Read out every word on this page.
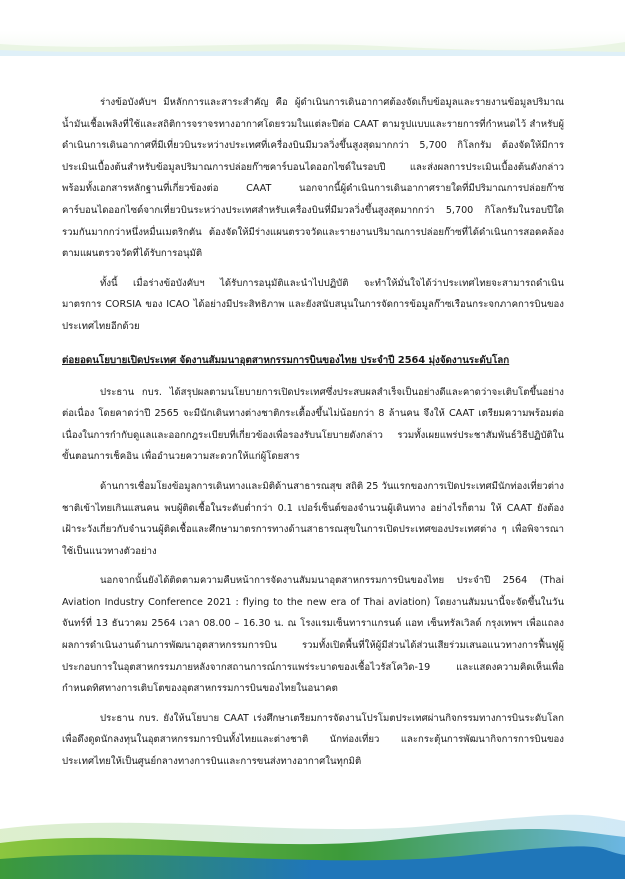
ร่างข้อบังคับฯ มีหลักการและสาระสำคัญ คือ ผู้ดำเนินการเดินอากาศต้องจัดเก็บข้อมูลและรายงานข้อมูลปริมาณน้ำมันเชื้อเพลิงที่ใช้และสถิติการจราจรทางอากาศโดยรวมในแต่ละปีต่อ CAAT ตามรูปแบบและรายการที่กำหนดไว้ สำหรับผู้ดำเนินการเดินอากาศที่มีเที่ยวบินระหว่างประเทศที่เครื่องบินมีมวลวิ่งขึ้นสูงสุดมากกว่า 5,700 กิโลกรัม ต้องจัดให้มีการประเมินเบื้องต้นสำหรับข้อมูลปริมาณการปล่อยก๊าซคาร์บอนไดออกไซด์ในรอบปี และส่งผลการประเมินเบื้องต้นดังกล่าวพร้อมทั้งเอกสารหลักฐานที่เกี่ยวข้องต่อ CAAT นอกจากนี้ผู้ดำเนินการเดินอากาศรายใดที่มีปริมาณการปล่อยก๊าซคาร์บอนไดออกไซด์จากเที่ยวบินระหว่างประเทศสำหรับเครื่องบินที่มีมวลวิ่งขึ้นสูงสุดมากกว่า 5,700 กิโลกรัมในรอบปีใด รวมกันมากกว่าหนึ่งหมื่นเมตริกตัน ต้องจัดให้มีร่างแผนตรวจวัดและรายงานปริมาณการปล่อยก๊าซที่ได้ดำเนินการสอดคล้องตามแผนตรวจวัดที่ได้รับการอนุมัติ

ทั้งนี้ เมื่อร่างข้อบังคับฯ ได้รับการอนุมัติและนำไปปฏิบัติ จะทำให้มั่นใจได้ว่าประเทศไทยจะสามารถดำเนินมาตรการ CORSIA ของ ICAO ได้อย่างมีประสิทธิภาพ และยังสนับสนุนในการจัดการข้อมูลก๊าซเรือนกระจกภาคการบินของประเทศไทยอีกด้วย

ต่อยอดนโยบายเปิดประเทศ จัดงานสัมมนาอุตสาหกรรมการบินของไทย ประจำปี 2564 มุ่งจัดงานระดับโลก

ประธาน กบร. ได้สรุปผลตามนโยบายการเปิดประเทศซึ่งประสบผลสำเร็จเป็นอย่างดีและคาดว่าจะเติบโตขึ้นอย่างต่อเนื่อง โดยคาดว่าปี 2565 จะมีนักเดินทางต่างชาติกระเตื้องขึ้นไม่น้อยกว่า 8 ล้านคน จึงให้ CAAT เตรียมความพร้อมต่อเนื่องในการกำกับดูแลและออกกฎระเบียบที่เกี่ยวข้องเพื่อรองรับนโยบายดังกล่าว รวมทั้งเผยแพร่ประชาสัมพันธ์วิธีปฏิบัติในขั้นตอนการเช็คอิน เพื่ออำนวยความสะดวกให้แก่ผู้โดยสาร

ด้านการเชื่อมโยงข้อมูลการเดินทางและมิติด้านสาธารณสุข สถิติ 25 วันแรกของการเปิดประเทศมีนักท่องเที่ยวต่างชาติเข้าไทยเกินแสนคน พบผู้ติดเชื้อในระดับต่ำกว่า 0.1 เปอร์เซ็นต์ของจำนวนผู้เดินทาง อย่างไรก็ตาม ให้ CAAT ยังต้องเฝ้าระวังเกี่ยวกับจำนวนผู้ติดเชื้อและศึกษามาตรการทางด้านสาธารณสุขในการเปิดประเทศของประเทศต่าง ๆ เพื่อพิจารณาใช้เป็นแนวทางตัวอย่าง

นอกจากนั้นยังได้ติดตามความคืบหน้าการจัดงานสัมมนาอุตสาหกรรมการบินของไทย ประจำปี 2564 (Thai Aviation Industry Conference 2021 : flying to the new era of Thai aviation) โดยงานสัมมนานี้จะจัดขึ้นในวันจันทร์ที่ 13 ธันวาคม 2564 เวลา 08.00 – 16.30 น. ณ โรงแรมเซ็นทาราแกรนด์ แอท เซ็นทรัลเวิลด์ กรุงเทพฯ เพื่อแถลงผลการดำเนินงานด้านการพัฒนาอุตสาหกรรมการบิน รวมทั้งเปิดพื้นที่ให้ผู้มีส่วนได้ส่วนเสียร่วมเสนอแนวทางการฟื้นฟูผู้ประกอบการในอุตสาหกรรมภายหลังจากสถานการณ์การแพร่ระบาดของเชื้อไวรัสโควิด-19 และแสดงความคิดเห็นเพื่อกำหนดทิศทางการเติบโตของอุตสาหกรรมการบินของไทยในอนาคต

ประธาน กบร. ยังให้นโยบาย CAAT เร่งศึกษาเตรียมการจัดงานโปรโมตประเทศผ่านกิจกรรมทางการบินระดับโลก เพื่อดึงดูดนักลงทุนในอุตสาหกรรมการบินทั้งไทยและต่างชาติ นักท่องเที่ยว และกระตุ้นการพัฒนากิจการการบินของประเทศไทยให้เป็นศูนย์กลางทางการบินและการขนส่งทางอากาศในทุกมิติ
